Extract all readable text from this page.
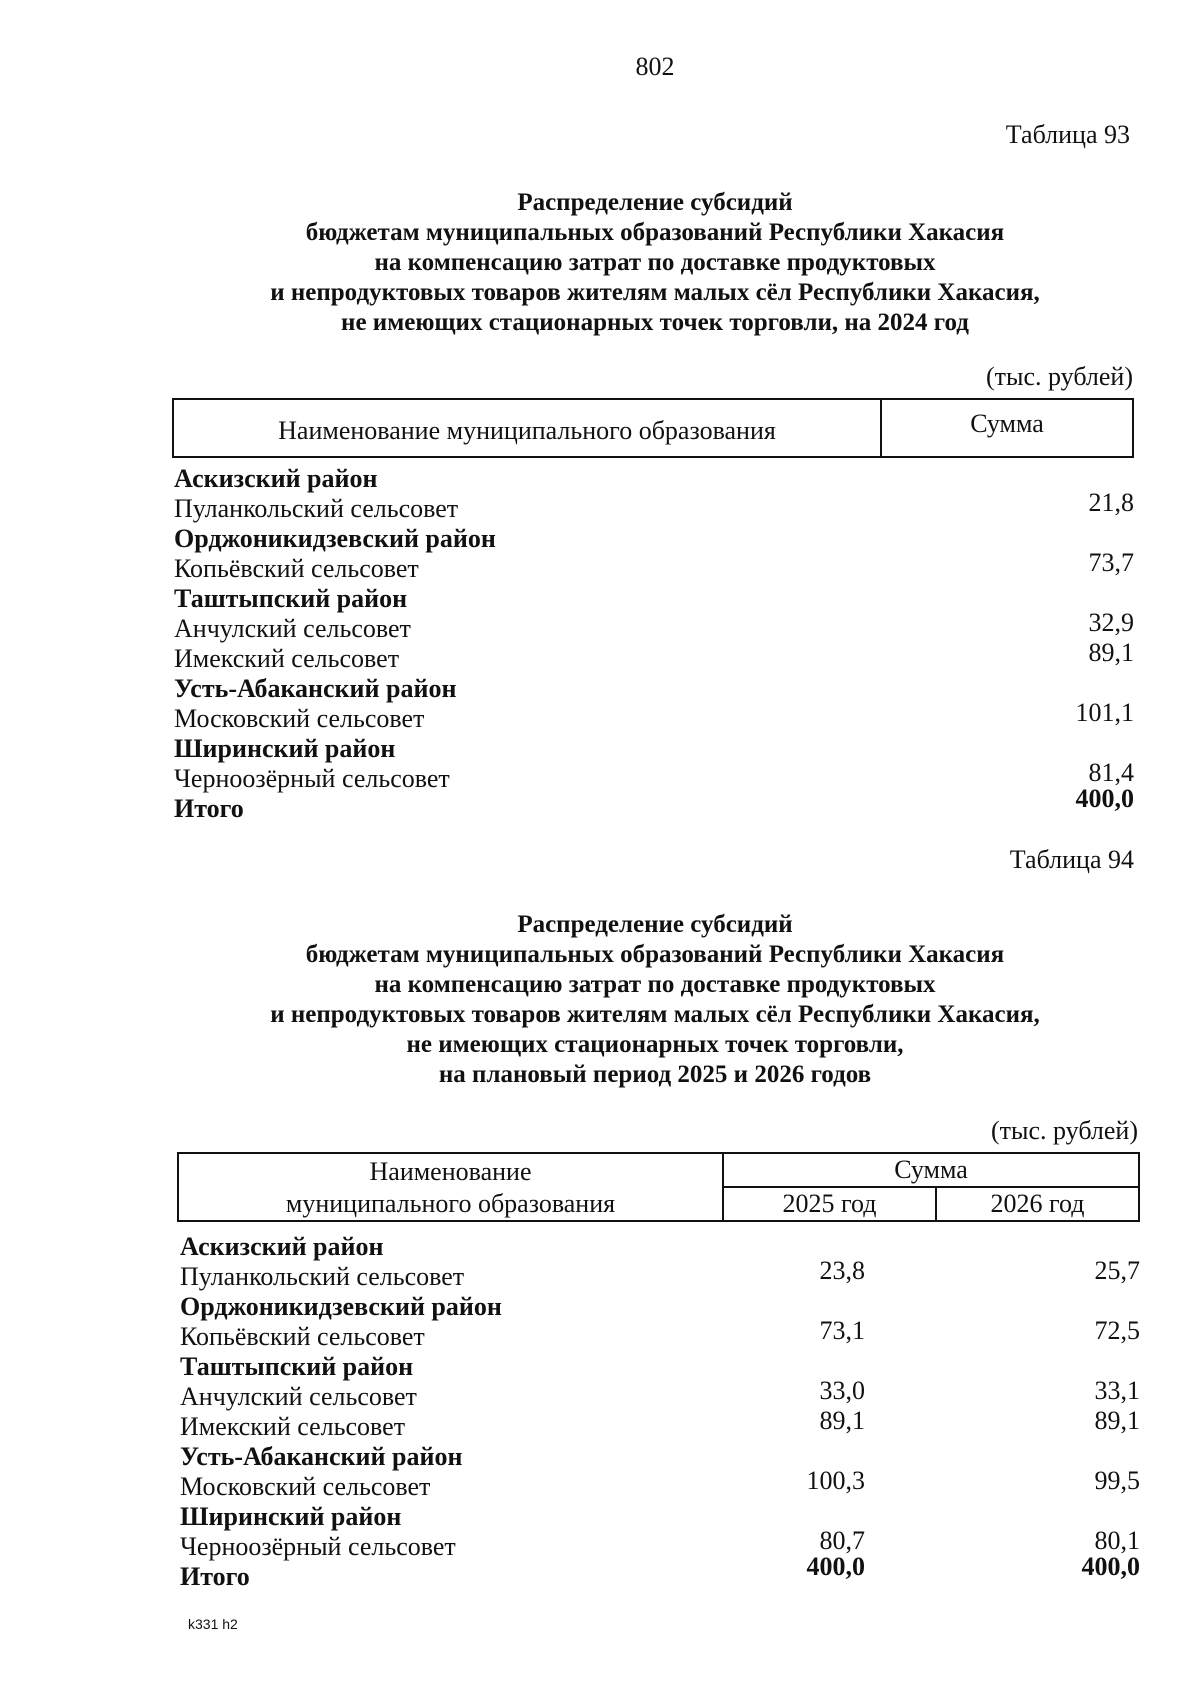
802
Таблица 93
Распределение субсидий
бюджетам муниципальных образований Республики Хакасия
на компенсацию затрат по доставке продуктовых
и непродуктовых товаров жителям малых сёл Республики Хакасия,
не имеющих стационарных точек торговли, на 2024 год
(тыс. рублей)
Наименование муниципального образования	Сумма
Аскизский район
Пуланкольский сельсовет	21,8
Орджоникидзевский район
Копьёвский сельсовет	73,7
Таштыпский район
Анчулский сельсовет	32,9
Имекский сельсовет	89,1
Усть-Абаканский район
Московский сельсовет	101,1
Ширинский район
Черноозёрный сельсовет	81,4
Итого	400,0
Таблица 94
Распределение субсидий
бюджетам муниципальных образований Республики Хакасия
на компенсацию затрат по доставке продуктовых
и непродуктовых товаров жителям малых сёл Республики Хакасия,
не имеющих стационарных точек торговли,
на плановый период 2025 и 2026 годов
(тыс. рублей)
Наименование
муниципального образования
Сумма
2025 год	2026 год
Аскизский район
Пуланкольский сельсовет	23,8	25,7
Орджоникидзевский район
Копьёвский сельсовет	73,1	72,5
Таштыпский район
Анчулский сельсовет	33,0	33,1
Имекский сельсовет	89,1	89,1
Усть-Абаканский район
Московский сельсовет	100,3	99,5
Ширинский район
Черноозёрный сельсовет	80,7	80,1
Итого	400,0	400,0
k331 h2
